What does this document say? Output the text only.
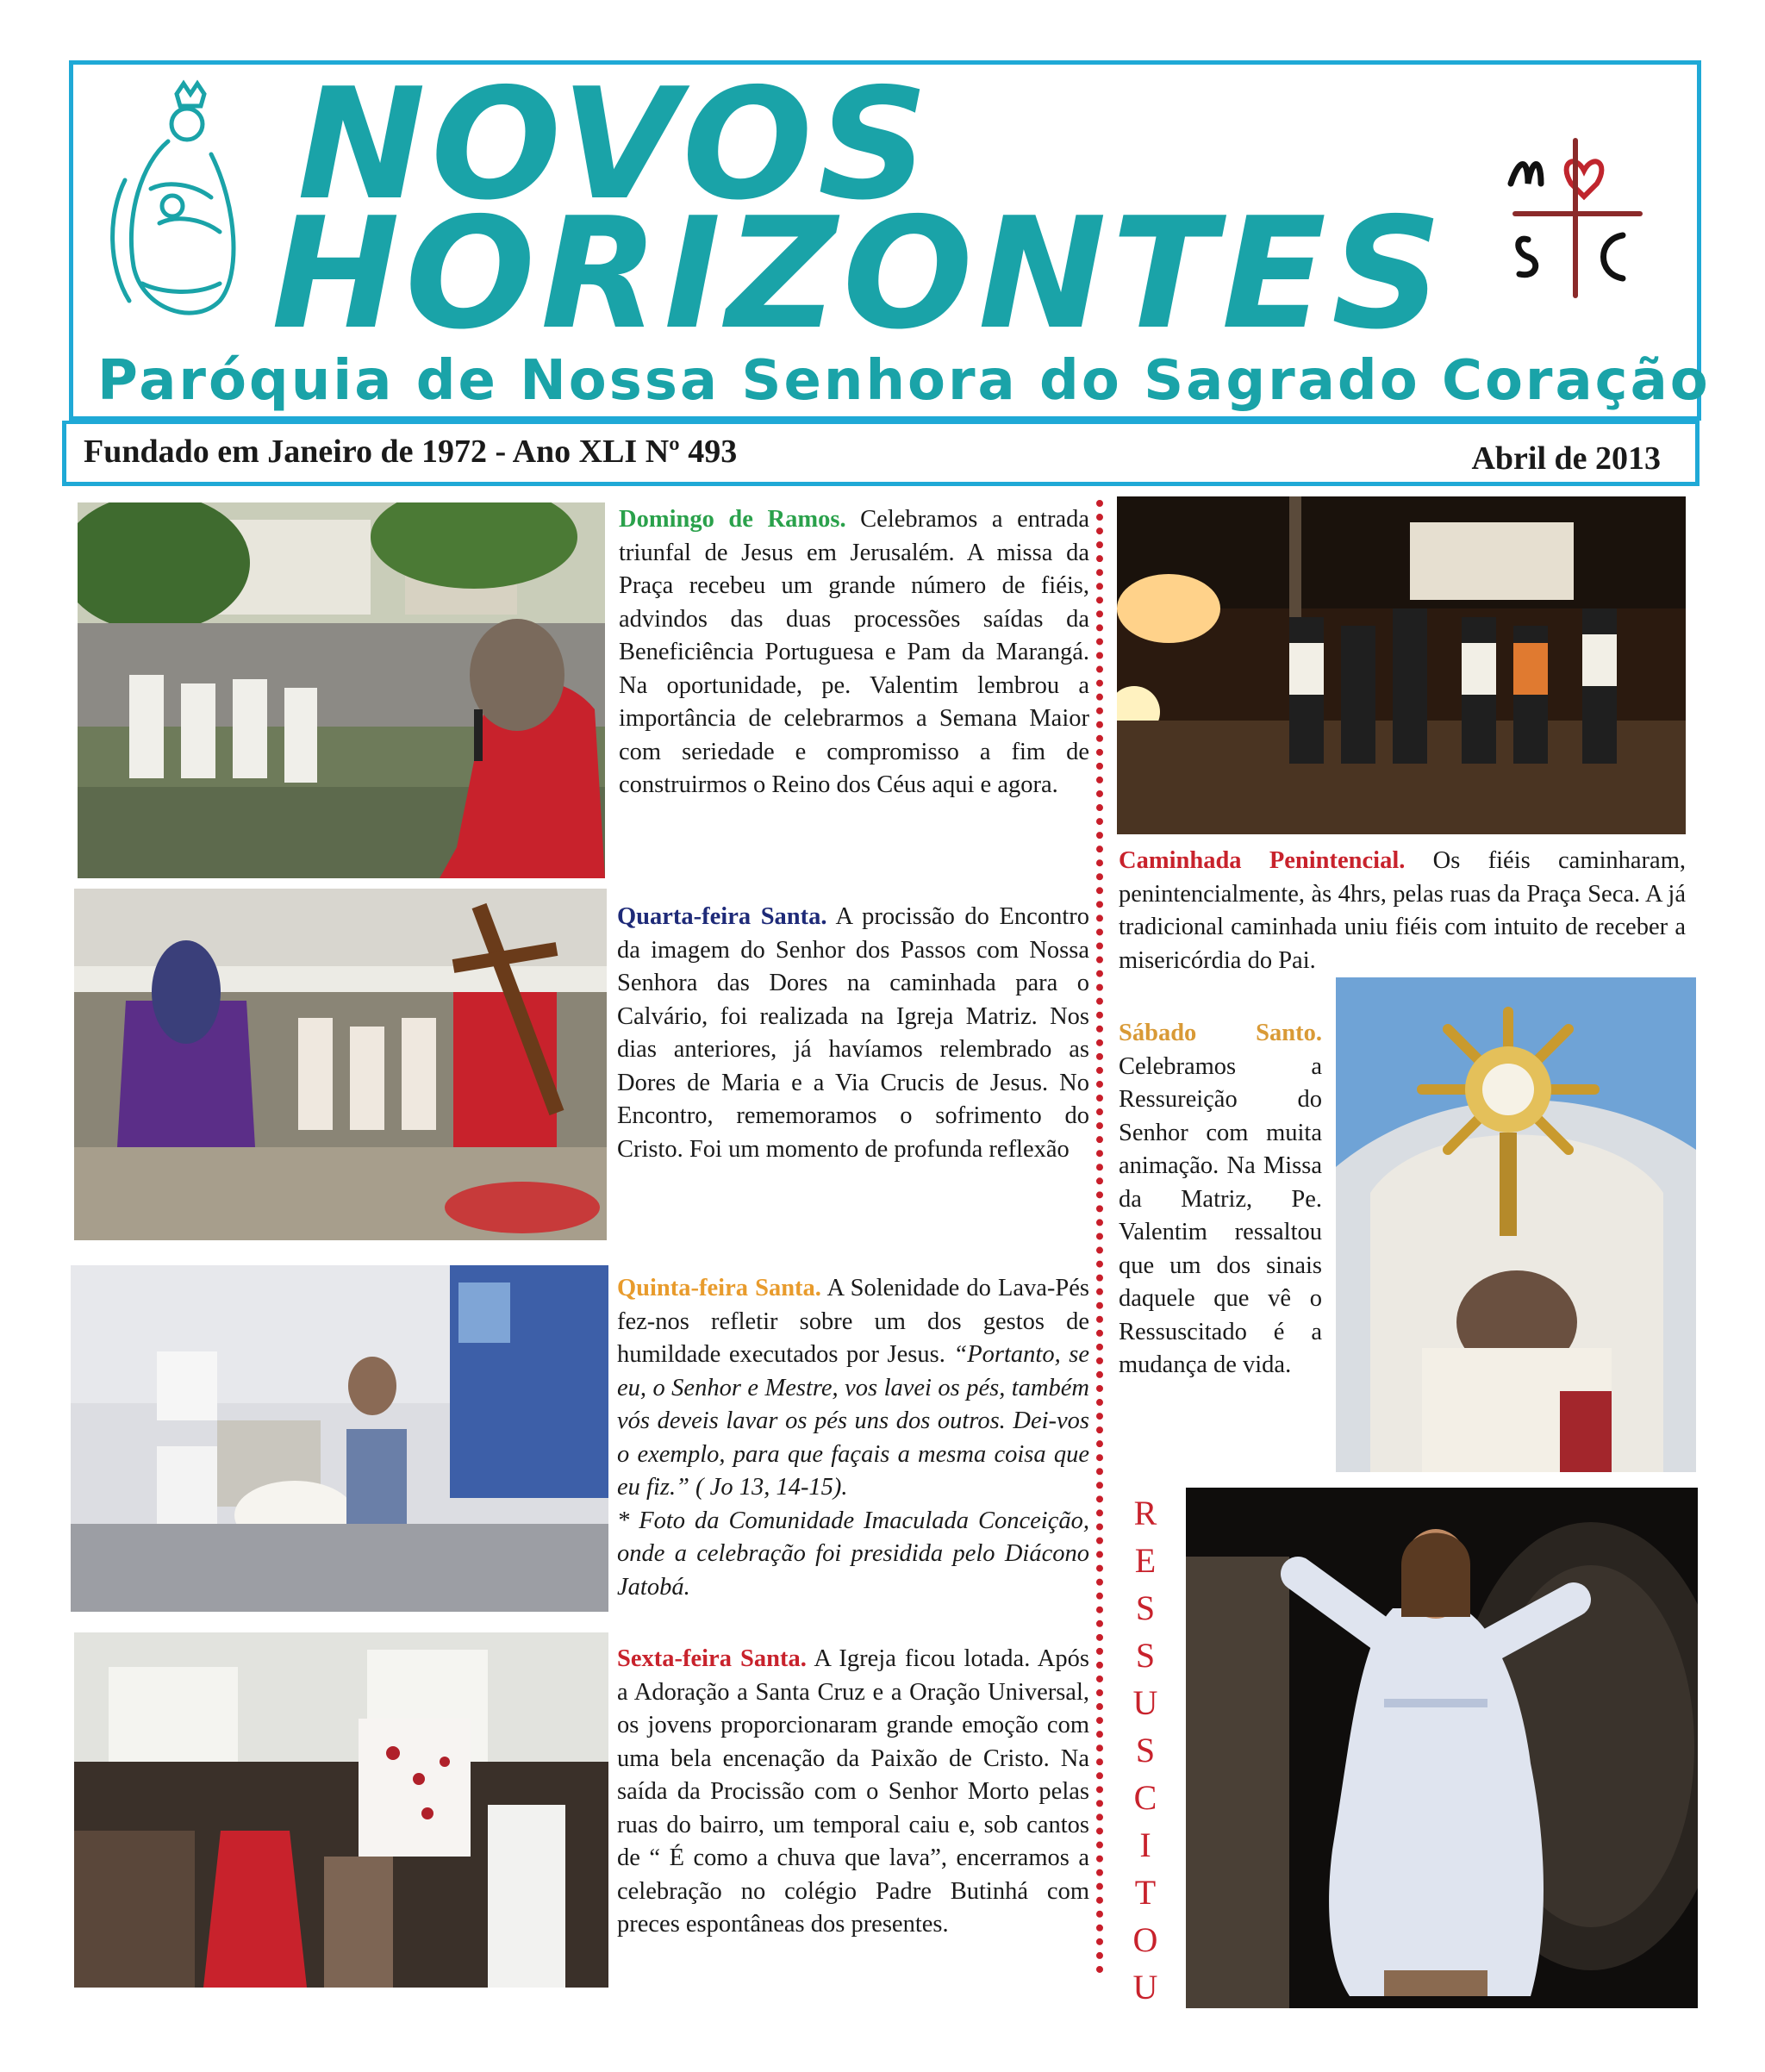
NOVOS
HORIZONTES
Paróquia de Nossa Senhora do Sagrado Coração
Fundado em Janeiro de 1972 - Ano XLI Nº 493	Abril de 2013
Domingo de Ramos. Celebramos a entrada triunfal de Jesus em Jerusalém. A missa da Praça recebeu um grande número de fiéis, advindos das duas processões saídas da Beneficiência Portuguesa e Pam da Marangá. Na oportunidade, pe. Valentim lembrou a importância de celebrarmos a Semana Maior com seriedade e compromisso a fim de construirmos o Reino dos Céus aqui e agora.
Quarta-feira Santa. A procissão do Encontro da imagem do Senhor dos Passos com Nossa Senhora das Dores na caminhada para o Calvário, foi realizada na Igreja Matriz. Nos dias anteriores, já havíamos relembrado as Dores de Maria e a Via Crucis de Jesus. No Encontro, rememoramos o sofrimento do Cristo. Foi um momento de profunda reflexão
Quinta-feira Santa. A Solenidade do Lava-Pés fez-nos refletir sobre um dos gestos de humildade executados por Jesus. “Portanto, se eu, o Senhor e Mestre, vos lavei os pés, também vós deveis lavar os pés uns dos outros. Dei-vos o exemplo, para que façais a mesma coisa que eu fiz.” ( Jo 13, 14-15).
* Foto da Comunidade Imaculada Conceição, onde a celebração foi presidida pelo Diácono Jatobá.
Sexta-feira Santa. A Igreja ficou lotada. Após a Adoração a Santa Cruz e a Oração Universal, os jovens proporcionaram grande emoção com uma bela encenação da Paixão de Cristo. Na saída da Procissão com o Senhor Morto pelas ruas do bairro, um temporal caiu e, sob cantos de “ É como a chuva que lava”, encerramos a celebração no colégio Padre Butinhá com preces espontâneas dos presentes.
Caminhada Penintencial. Os fiéis caminharam, penintencialmente, às 4hrs, pelas ruas da Praça Seca. A já tradicional caminhada uniu fiéis com intuito de receber a misericórdia do Pai.
Sábado Santo. Celebramos a Ressureição do Senhor com muita animação. Na Missa da Matriz, Pe. Valentim ressaltou que um dos sinais daquele que vê o Ressuscitado é a mudança de vida.
R
E
S
S
U
S
C
I
T
O
U
